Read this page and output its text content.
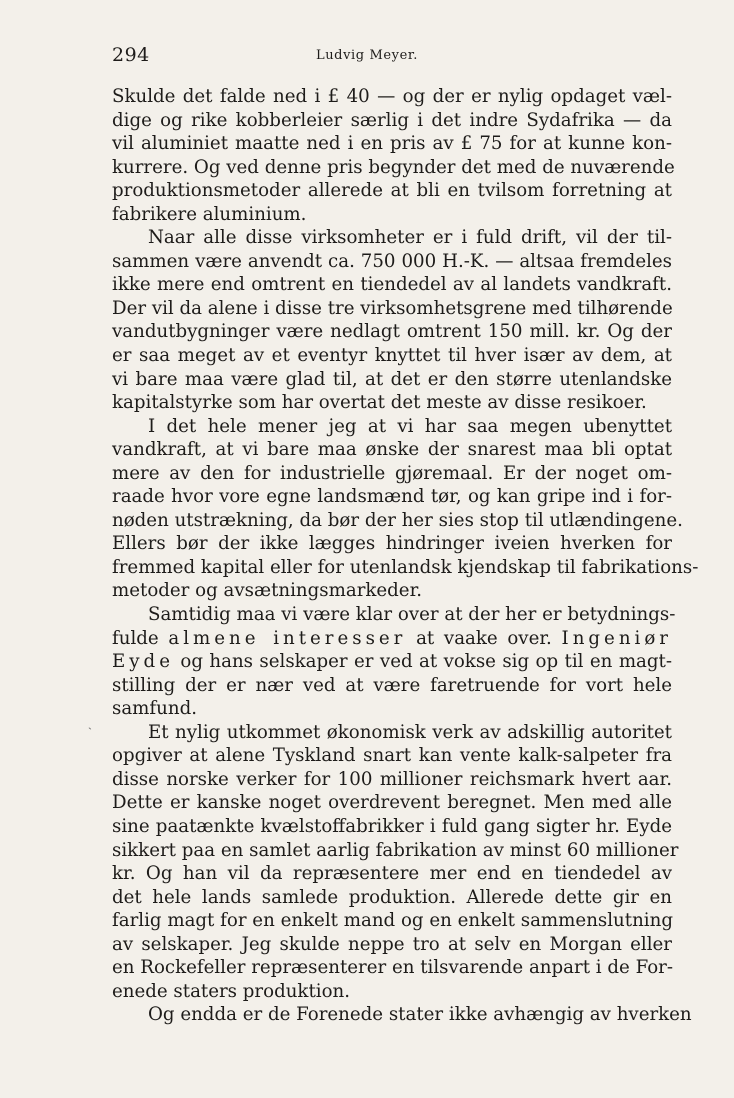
294	Ludvig Meyer.
ˏ
Skulde det falde ned i £ 40 — og der er nylig opdaget væl-
dige og rike kobberleier særlig i det indre Sydafrika — da
vil aluminiet maatte ned i en pris av £ 75 for at kunne kon-
kurrere. Og ved denne pris begynder det med de nuværende
produktionsmetoder allerede at bli en tvilsom forretning at
fabrikere aluminium.
Naar alle disse virksomheter er i fuld drift, vil der til-
sammen være anvendt ca. 750 000 H.-K. — altsaa fremdeles
ikke mere end omtrent en tiendedel av al landets vandkraft.
Der vil da alene i disse tre virksomhetsgrene med tilhørende
vandutbygninger være nedlagt omtrent 150 mill. kr. Og der
er saa meget av et eventyr knyttet til hver især av dem, at
vi bare maa være glad til, at det er den større utenlandske
kapitalstyrke som har overtat det meste av disse resikoer.
I det hele mener jeg at vi har saa megen ubenyttet
vandkraft, at vi bare maa ønske der snarest maa bli optat
mere av den for industrielle gjøremaal. Er der noget om-
raade hvor vore egne landsmænd tør, og kan gripe ind i for-
nøden utstrækning, da bør der her sies stop til utlændingene.
Ellers bør der ikke lægges hindringer iveien hverken for
fremmed kapital eller for utenlandsk kjendskap til fabrikations-
metoder og avsætningsmarkeder.
Samtidig maa vi være klar over at der her er betydnings-
fulde almene interesser at vaake over. Ingeniør
Eyde og hans selskaper er ved at vokse sig op til en magt-
stilling der er nær ved at være faretruende for vort hele
samfund.
Et nylig utkommet økonomisk verk av adskillig autoritet
opgiver at alene Tyskland snart kan vente kalk-salpeter fra
disse norske verker for 100 millioner reichsmark hvert aar.
Dette er kanske noget overdrevent beregnet. Men med alle
sine paatænkte kvælstoffabrikker i fuld gang sigter hr. Eyde
sikkert paa en samlet aarlig fabrikation av minst 60 millioner
kr. Og han vil da repræsentere mer end en tiendedel av
det hele lands samlede produktion. Allerede dette gir en
farlig magt for en enkelt mand og en enkelt sammenslutning
av selskaper. Jeg skulde neppe tro at selv en Morgan eller
en Rockefeller repræsenterer en tilsvarende anpart i de For-
enede staters produktion.
Og endda er de Forenede stater ikke avhængig av hverken
